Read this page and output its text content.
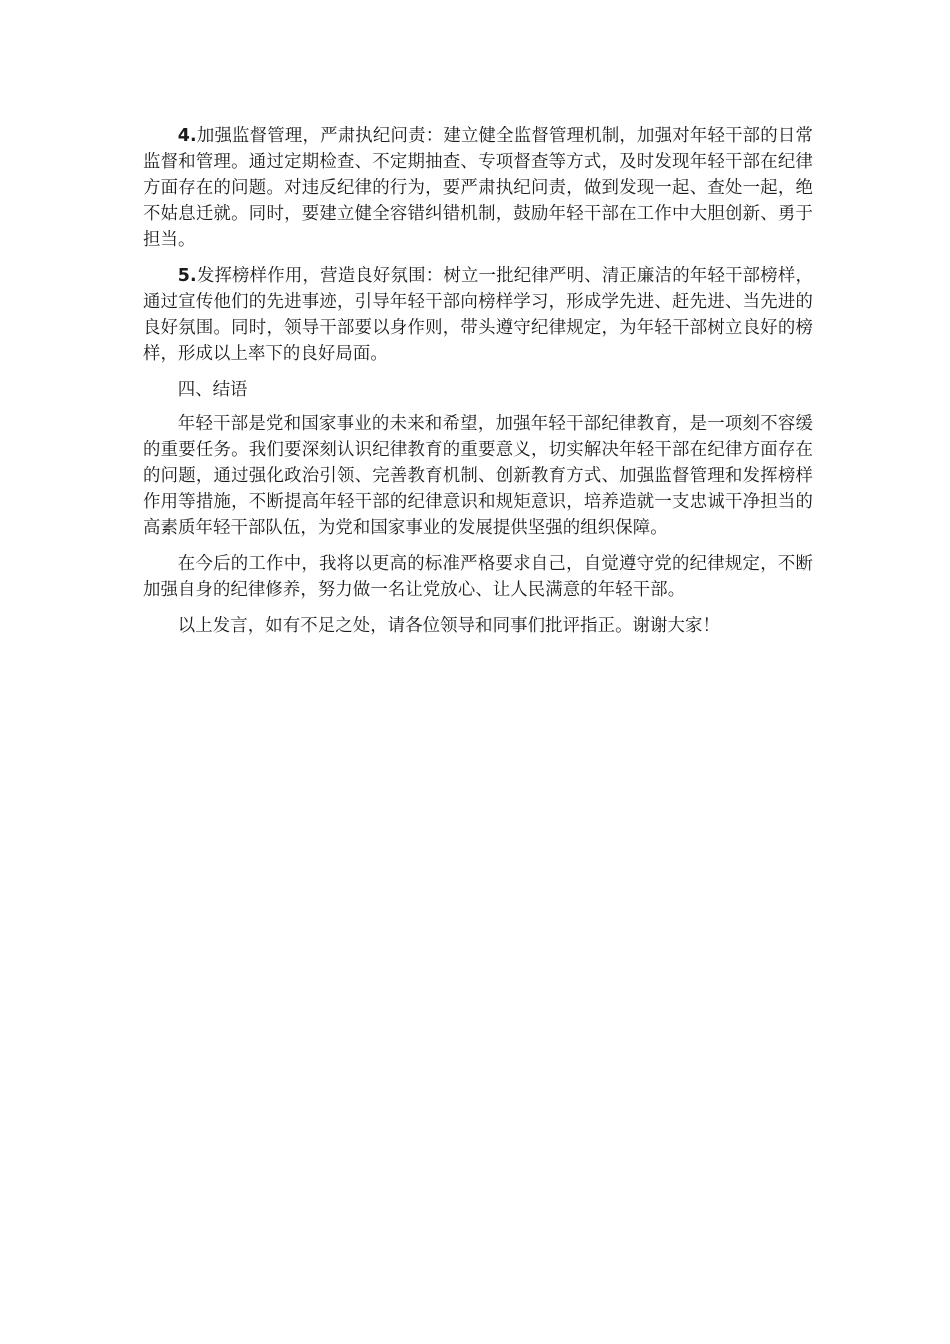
4.加强监督管理，严肃执纪问责：建立健全监督管理机制，加强对年轻干部的日常监督和管理。通过定期检查、不定期抽查、专项督查等方式，及时发现年轻干部在纪律方面存在的问题。对违反纪律的行为，要严肃执纪问责，做到发现一起、查处一起，绝不姑息迁就。同时，要建立健全容错纠错机制，鼓励年轻干部在工作中大胆创新、勇于担当。

5.发挥榜样作用，营造良好氛围：树立一批纪律严明、清正廉洁的年轻干部榜样，通过宣传他们的先进事迹，引导年轻干部向榜样学习，形成学先进、赶先进、当先进的良好氛围。同时，领导干部要以身作则，带头遵守纪律规定，为年轻干部树立良好的榜样，形成以上率下的良好局面。

四、结语

年轻干部是党和国家事业的未来和希望，加强年轻干部纪律教育，是一项刻不容缓的重要任务。我们要深刻认识纪律教育的重要意义，切实解决年轻干部在纪律方面存在的问题，通过强化政治引领、完善教育机制、创新教育方式、加强监督管理和发挥榜样作用等措施，不断提高年轻干部的纪律意识和规矩意识，培养造就一支忠诚干净担当的高素质年轻干部队伍，为党和国家事业的发展提供坚强的组织保障。

在今后的工作中，我将以更高的标准严格要求自己，自觉遵守党的纪律规定，不断加强自身的纪律修养，努力做一名让党放心、让人民满意的年轻干部。

以上发言，如有不足之处，请各位领导和同事们批评指正。谢谢大家！
